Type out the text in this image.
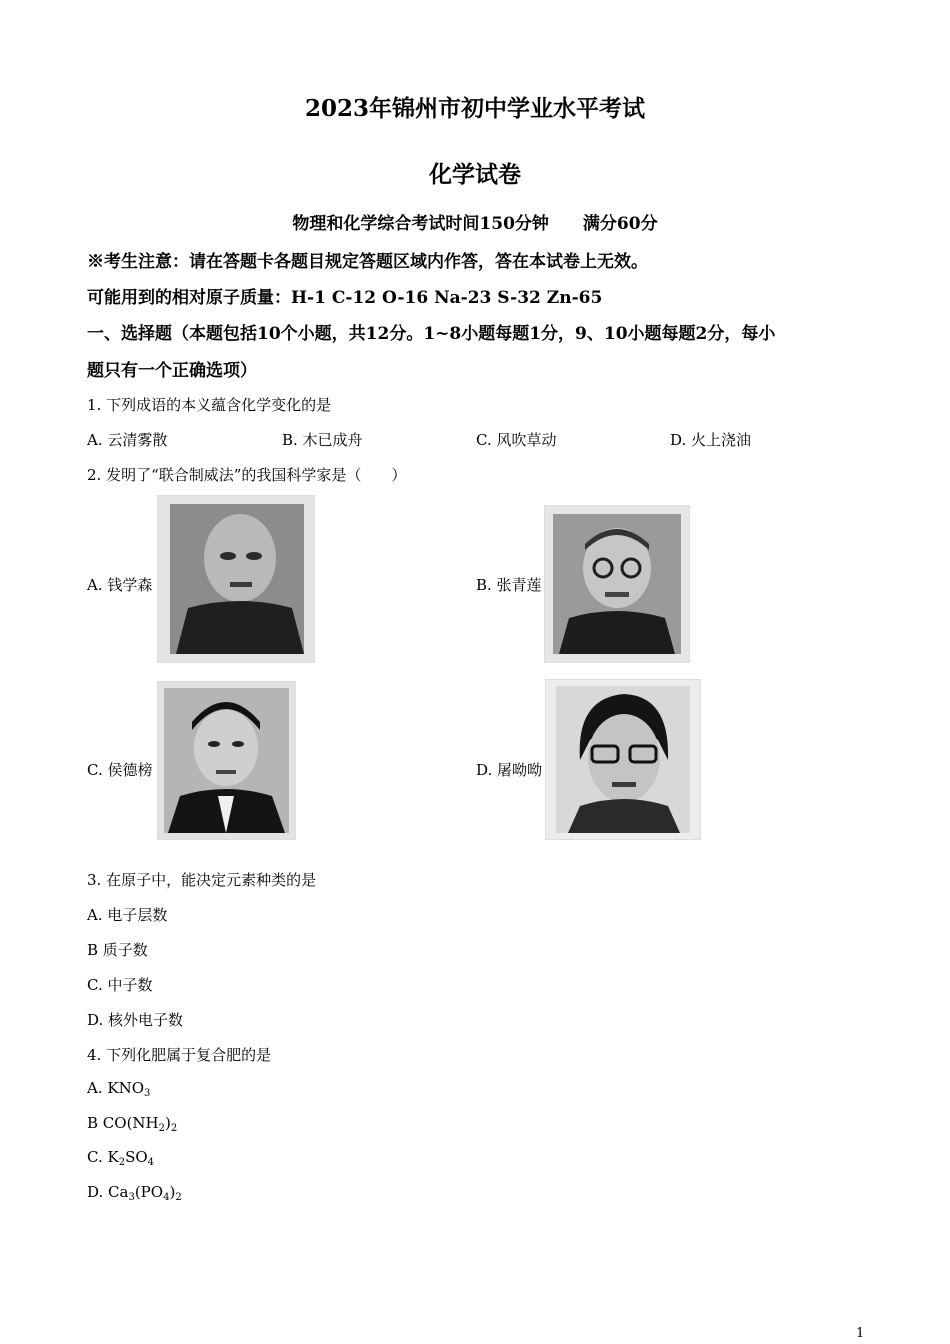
2023年锦州市初中学业水平考试
化学试卷
物理和化学综合考试时间150分钟 满分60分
※考生注意：请在答题卡各题目规定答题区域内作答，答在本试卷上无效。
可能用到的相对原子质量：H-1 C-12 O-16 Na-23 S-32 Zn-65
一、选择题（本题包括10个小题，共12分。1~8小题每题1分，9、10小题每题2分，每小
题只有一个正确选项）
1. 下列成语的本义蕴含化学变化的是
A. 云清雾散	B. 木已成舟	C. 风吹草动	D. 火上浇油
2. 发明了“联合制威法”的我国科学家是（　　）
A. 钱学森	B. 张青莲
C. 侯德榜	D. 屠呦呦
3. 在原子中，能决定元素种类的是
A. 电子层数
B 质子数
C. 中子数
D. 核外电子数
4. 下列化肥属于复合肥的是
A. $KNO_3$
B $CO(NH_2)_2$
C. $K_2SO_4$
D. $Ca_3(PO_4)_2$
1
